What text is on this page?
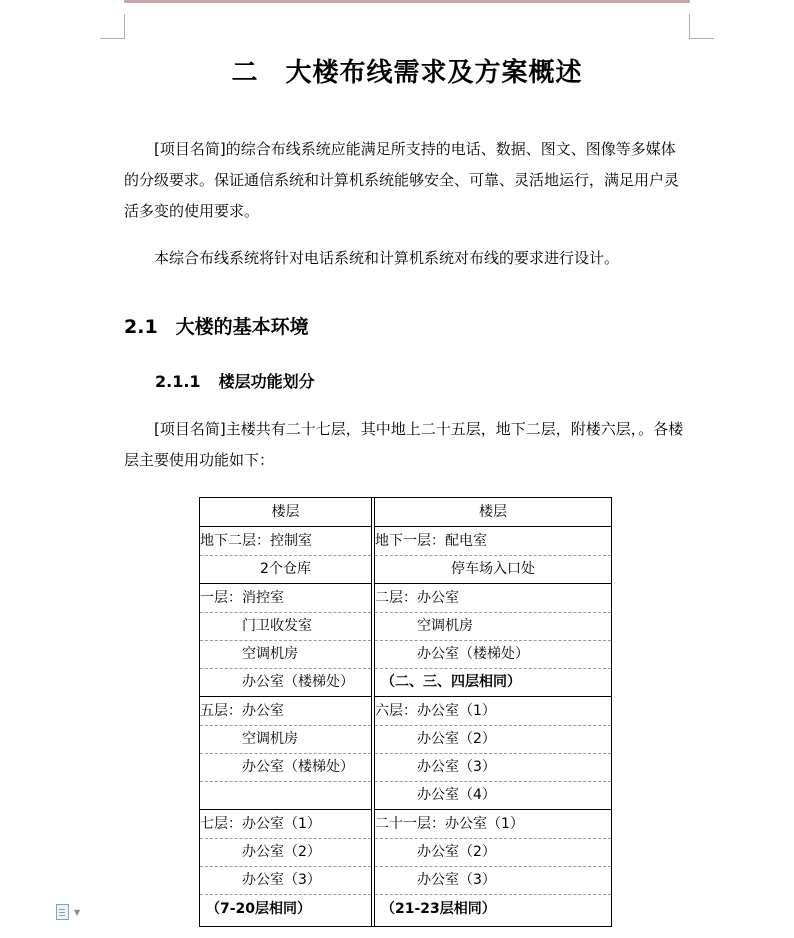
二　大楼布线需求及方案概述

[项目名简]的综合布线系统应能满足所支持的电话、数据、图文、图像等多媒体的分级要求。保证通信系统和计算机系统能够安全、可靠、灵活地运行，满足用户灵活多变的使用要求。

本综合布线系统将针对电话系统和计算机系统对布线的要求进行设计。

2.1 大楼的基本环境
2.1.1 楼层功能划分

[项目名简]主楼共有二十七层，其中地上二十五层，地下二层，附楼六层，。各楼层主要使用功能如下：

楼层
地下二层：控制室
2个仓库
一层：消控室
门卫收发室
空调机房
办公室（楼梯处）
五层：办公室
空调机房
办公室（楼梯处）
七层：办公室（1）
办公室（2）
办公室（3）
（7-20层相同）
楼层
地下一层：配电室
停车场入口处
二层：办公室
空调机房
办公室（楼梯处）
（二、三、四层相同）
六层：办公室（1）
办公室（2）
办公室（3）
办公室（4）
二十一层：办公室（1）
办公室（2）
办公室（3）
（21-23层相同）
▼
